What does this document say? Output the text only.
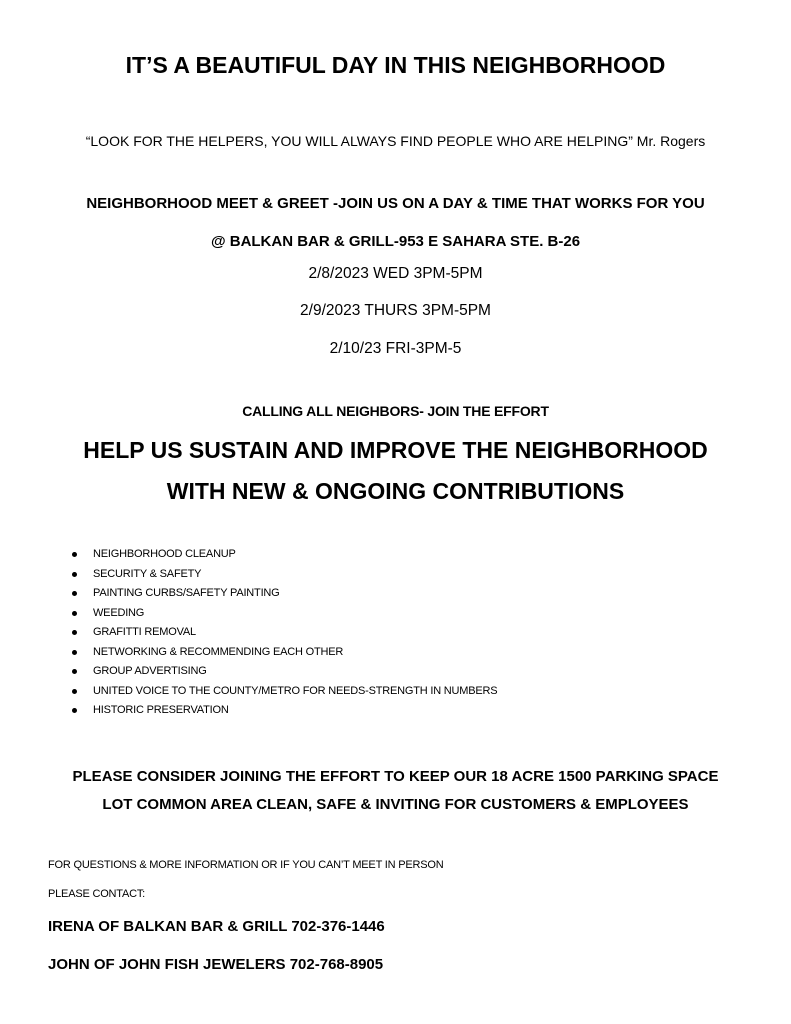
IT’S A BEAUTIFUL DAY IN THIS NEIGHBORHOOD
“LOOK FOR THE HELPERS, YOU WILL ALWAYS FIND PEOPLE WHO ARE HELPING” Mr. Rogers
NEIGHBORHOOD MEET & GREET -JOIN US ON A DAY & TIME THAT WORKS FOR YOU
@ BALKAN BAR & GRILL-953 E SAHARA STE. B-26
2/8/2023 WED 3PM-5PM
2/9/2023 THURS 3PM-5PM
2/10/23 FRI-3PM-5
CALLING ALL NEIGHBORS- JOIN THE EFFORT
HELP US SUSTAIN AND IMPROVE THE NEIGHBORHOOD
WITH NEW & ONGOING CONTRIBUTIONS
NEIGHBORHOOD CLEANUP
SECURITY & SAFETY
PAINTING CURBS/SAFETY PAINTING
WEEDING
GRAFITTI REMOVAL
NETWORKING & RECOMMENDING EACH OTHER
GROUP ADVERTISING
UNITED VOICE TO THE COUNTY/METRO FOR NEEDS-STRENGTH IN NUMBERS
HISTORIC PRESERVATION
PLEASE CONSIDER JOINING THE EFFORT TO KEEP OUR 18 ACRE 1500 PARKING SPACE
LOT COMMON AREA CLEAN, SAFE & INVITING FOR CUSTOMERS & EMPLOYEES
FOR QUESTIONS & MORE INFORMATION OR IF YOU CAN’T MEET IN PERSON
PLEASE CONTACT:
IRENA OF BALKAN BAR & GRILL 702-376-1446
JOHN OF JOHN FISH JEWELERS 702-768-8905
